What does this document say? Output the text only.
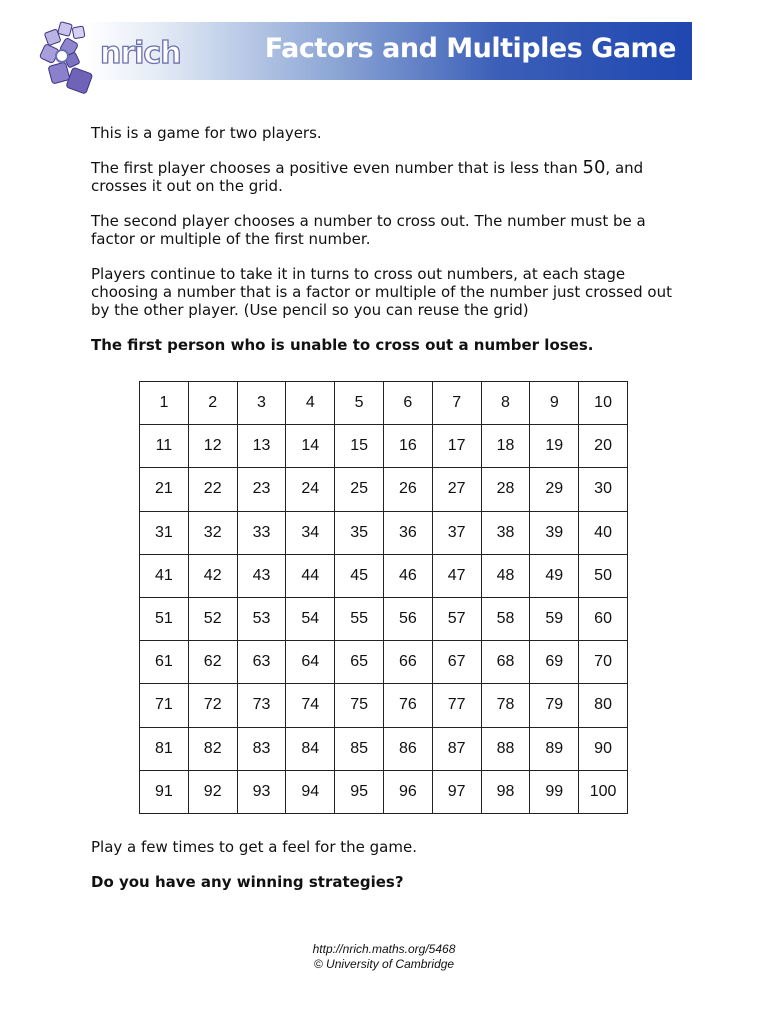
Factors and Multiples Game
nrich

This is a game for two players.

The first player chooses a positive even number that is less than 50, and crosses it out on the grid.

The second player chooses a number to cross out. The number must be a factor or multiple of the first number.

Players continue to take it in turns to cross out numbers, at each stage choosing a number that is a factor or multiple of the number just crossed out by the other player. (Use pencil so you can reuse the grid)

The first person who is unable to cross out a number loses.

1	2	3	4	5	6	7	8	9	10
11	12	13	14	15	16	17	18	19	20
21	22	23	24	25	26	27	28	29	30
31	32	33	34	35	36	37	38	39	40
41	42	43	44	45	46	47	48	49	50
51	52	53	54	55	56	57	58	59	60
61	62	63	64	65	66	67	68	69	70
71	72	73	74	75	76	77	78	79	80
81	82	83	84	85	86	87	88	89	90
91	92	93	94	95	96	97	98	99	100

Play a few times to get a feel for the game.

Do you have any winning strategies?

http://nrich.maths.org/5468
© University of Cambridge
